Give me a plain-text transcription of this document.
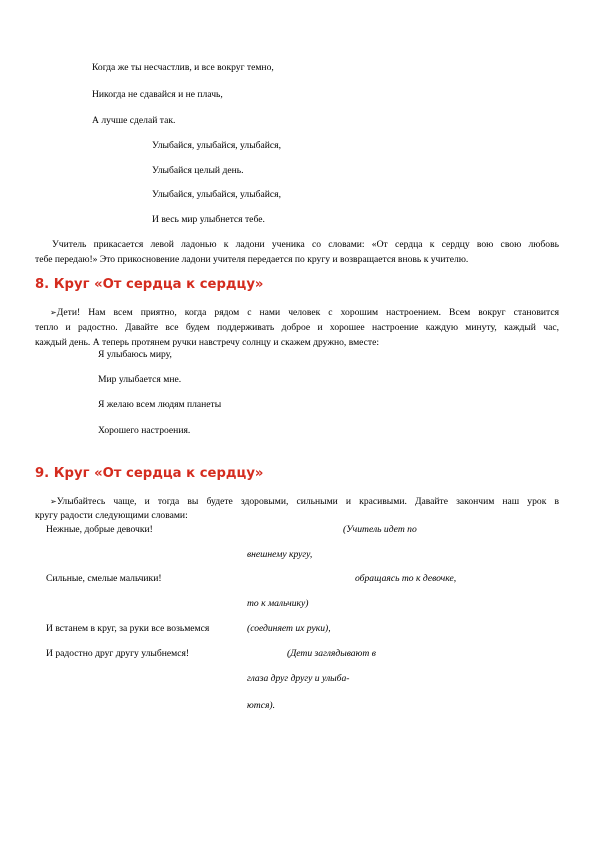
Когда же ты несчастлив, и все вокруг темно,
Никогда не сдавайся и не плачь,
А лучше сделай так.
Улыбайся, улыбайся, улыбайся,
Улыбайся целый день.
Улыбайся, улыбайся, улыбайся,
И весь мир улыбнется тебе.
Учитель прикасается левой ладонью к ладони ученика со словами: «От сердца к сердцу вою свою любовь
тебе передаю!» Это прикосновение ладони учителя передается по кругу и возвращается вновь к учителю.
8. Круг «От сердца к сердцу»
➢Дети! Нам всем приятно, когда рядом с нами человек с хорошим настроением. Всем вокруг становится
тепло и радостно. Давайте все будем поддерживать доброе и хорошее настроение каждую минуту, каждый час,
каждый день. А теперь протянем ручки навстречу солнцу и скажем дружно, вместе:
Я улыбаюсь миру,
Мир улыбается мне.
Я желаю всем людям планеты
Хорошего настроения.
9. Круг «От сердца к сердцу»
➢Улыбайтесь чаще, и тогда вы будете здоровыми, сильными и красивыми. Давайте закончим наш урок в
кругу радости следующими словами:
Нежные, добрые девочки!
Сильные, смелые мальчики!
И встанем в круг, за руки все возьмемся
И радостно друг другу улыбнемся!
(Учитель идет по
внешнему кругу,
обращаясь то к девочке,
то к мальчику)
(соединяет их руки),
(Дети заглядывают в
глаза друг другу и улыба-
ются).
